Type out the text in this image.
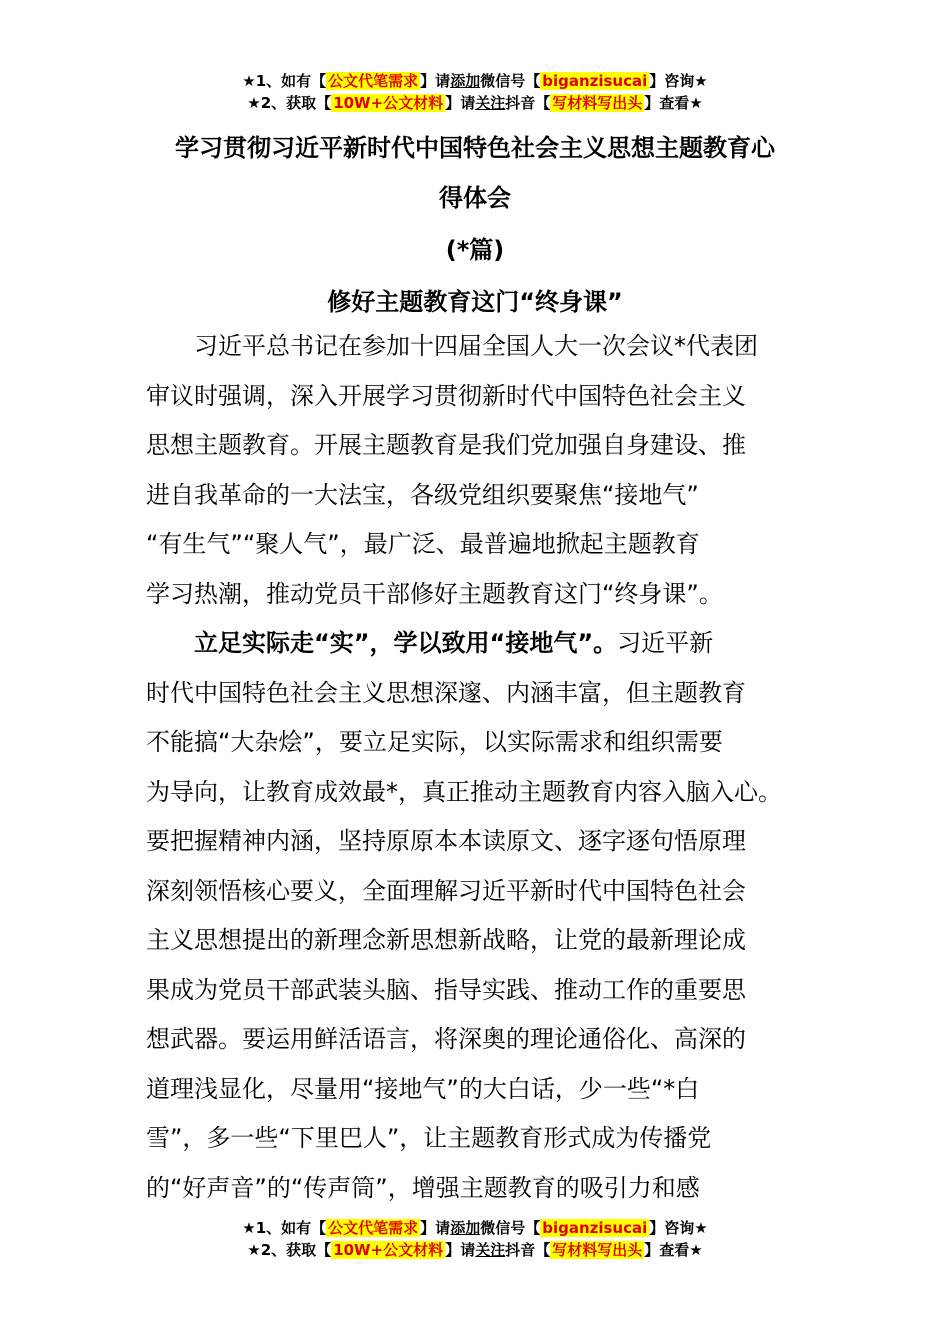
★1、如有【 公文代笔需求 】请添加微信号【 biganzisucai 】咨询★
★2、获取【 10W+公文材料 】请关注抖音【 写材料写出头 】查看★
学习贯彻习近平新时代中国特色社会主义思想主题教育心
得体会
(*篇)
修好主题教育这门“终身课”
习近平总书记在参加十四届全国人大一次会议*代表团
审议时强调，深入开展学习贯彻新时代中国特色社会主义
思想主题教育。开展主题教育是我们党加强自身建设、推
进自我革命的一大法宝，各级党组织要聚焦“接地气”
“有生气”“聚人气”，最广泛、最普遍地掀起主题教育
学习热潮，推动党员干部修好主题教育这门“终身课”。
立足实际走“实”，学以致用“接地气”。习近平新
时代中国特色社会主义思想深邃、内涵丰富，但主题教育
不能搞“大杂烩”，要立足实际，以实际需求和组织需要
为导向，让教育成效最*，真正推动主题教育内容入脑入心。
要把握精神内涵，坚持原原本本读原文、逐字逐句悟原理
深刻领悟核心要义，全面理解习近平新时代中国特色社会
主义思想提出的新理念新思想新战略，让党的最新理论成
果成为党员干部武装头脑、指导实践、推动工作的重要思
想武器。要运用鲜活语言，将深奥的理论通俗化、高深的
道理浅显化，尽量用“接地气”的大白话，少一些“*白
雪”，多一些“下里巴人”，让主题教育形式成为传播党
的“好声音”的“传声筒”，增强主题教育的吸引力和感
★1、如有【 公文代笔需求 】请添加微信号【 biganzisucai 】咨询★
★2、获取【 10W+公文材料 】请关注抖音【 写材料写出头 】查看★
